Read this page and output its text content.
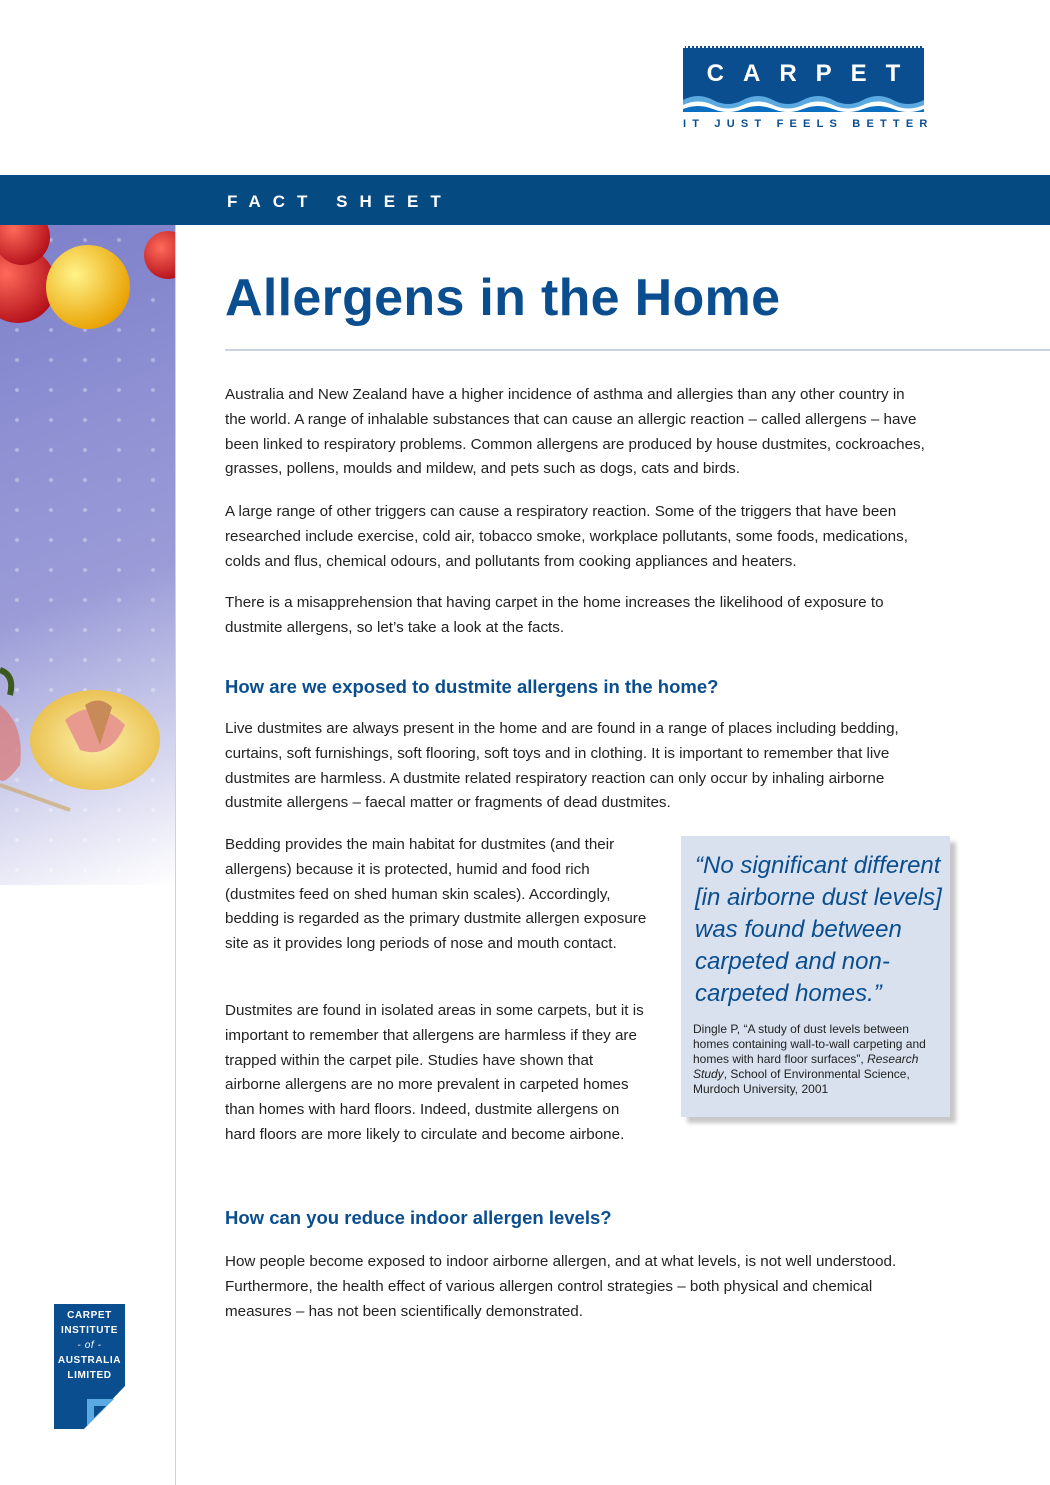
CARPET
IT JUST FEELS BETTER
FACT SHEET
Allergens in the Home

Australia and New Zealand have a higher incidence of asthma and allergies than any other country in the world. A range of inhalable substances that can cause an allergic reaction – called allergens – have been linked to respiratory problems. Common allergens are produced by house dustmites, cockroaches, grasses, pollens, moulds and mildew, and pets such as dogs, cats and birds.

A large range of other triggers can cause a respiratory reaction. Some of the triggers that have been researched include exercise, cold air, tobacco smoke, workplace pollutants, some foods, medications, colds and flus, chemical odours, and pollutants from cooking appliances and heaters.

There is a misapprehension that having carpet in the home increases the likelihood of exposure to dustmite allergens, so let’s take a look at the facts.

How are we exposed to dustmite allergens in the home?

Live dustmites are always present in the home and are found in a range of places including bedding, curtains, soft furnishings, soft flooring, soft toys and in clothing. It is important to remember that live dustmites are harmless. A dustmite related respiratory reaction can only occur by inhaling airborne dustmite allergens – faecal matter or fragments of dead dustmites.

Bedding provides the main habitat for dustmites (and their allergens) because it is protected, humid and food rich (dustmites feed on shed human skin scales). Accordingly, bedding is regarded as the primary dustmite allergen exposure site as it provides long periods of nose and mouth contact.

Dustmites are found in isolated areas in some carpets, but it is important to remember that allergens are harmless if they are trapped within the carpet pile. Studies have shown that airborne allergens are no more prevalent in carpeted homes than homes with hard floors. Indeed, dustmite allergens on hard floors are more likely to circulate and become airbone.

“No significant different [in airborne dust levels] was found between carpeted and non-carpeted homes.”

Dingle P, “A study of dust levels between homes containing wall-to-wall carpeting and homes with hard floor surfaces”, Research Study, School of Environmental Science, Murdoch University, 2001

How can you reduce indoor allergen levels?

How people become exposed to indoor airborne allergen, and at what levels, is not well understood. Furthermore, the health effect of various allergen control strategies – both physical and chemical measures – has not been scientifically demonstrated.

CARPET
INSTITUTE
- of -
AUSTRALIA
LIMITED
